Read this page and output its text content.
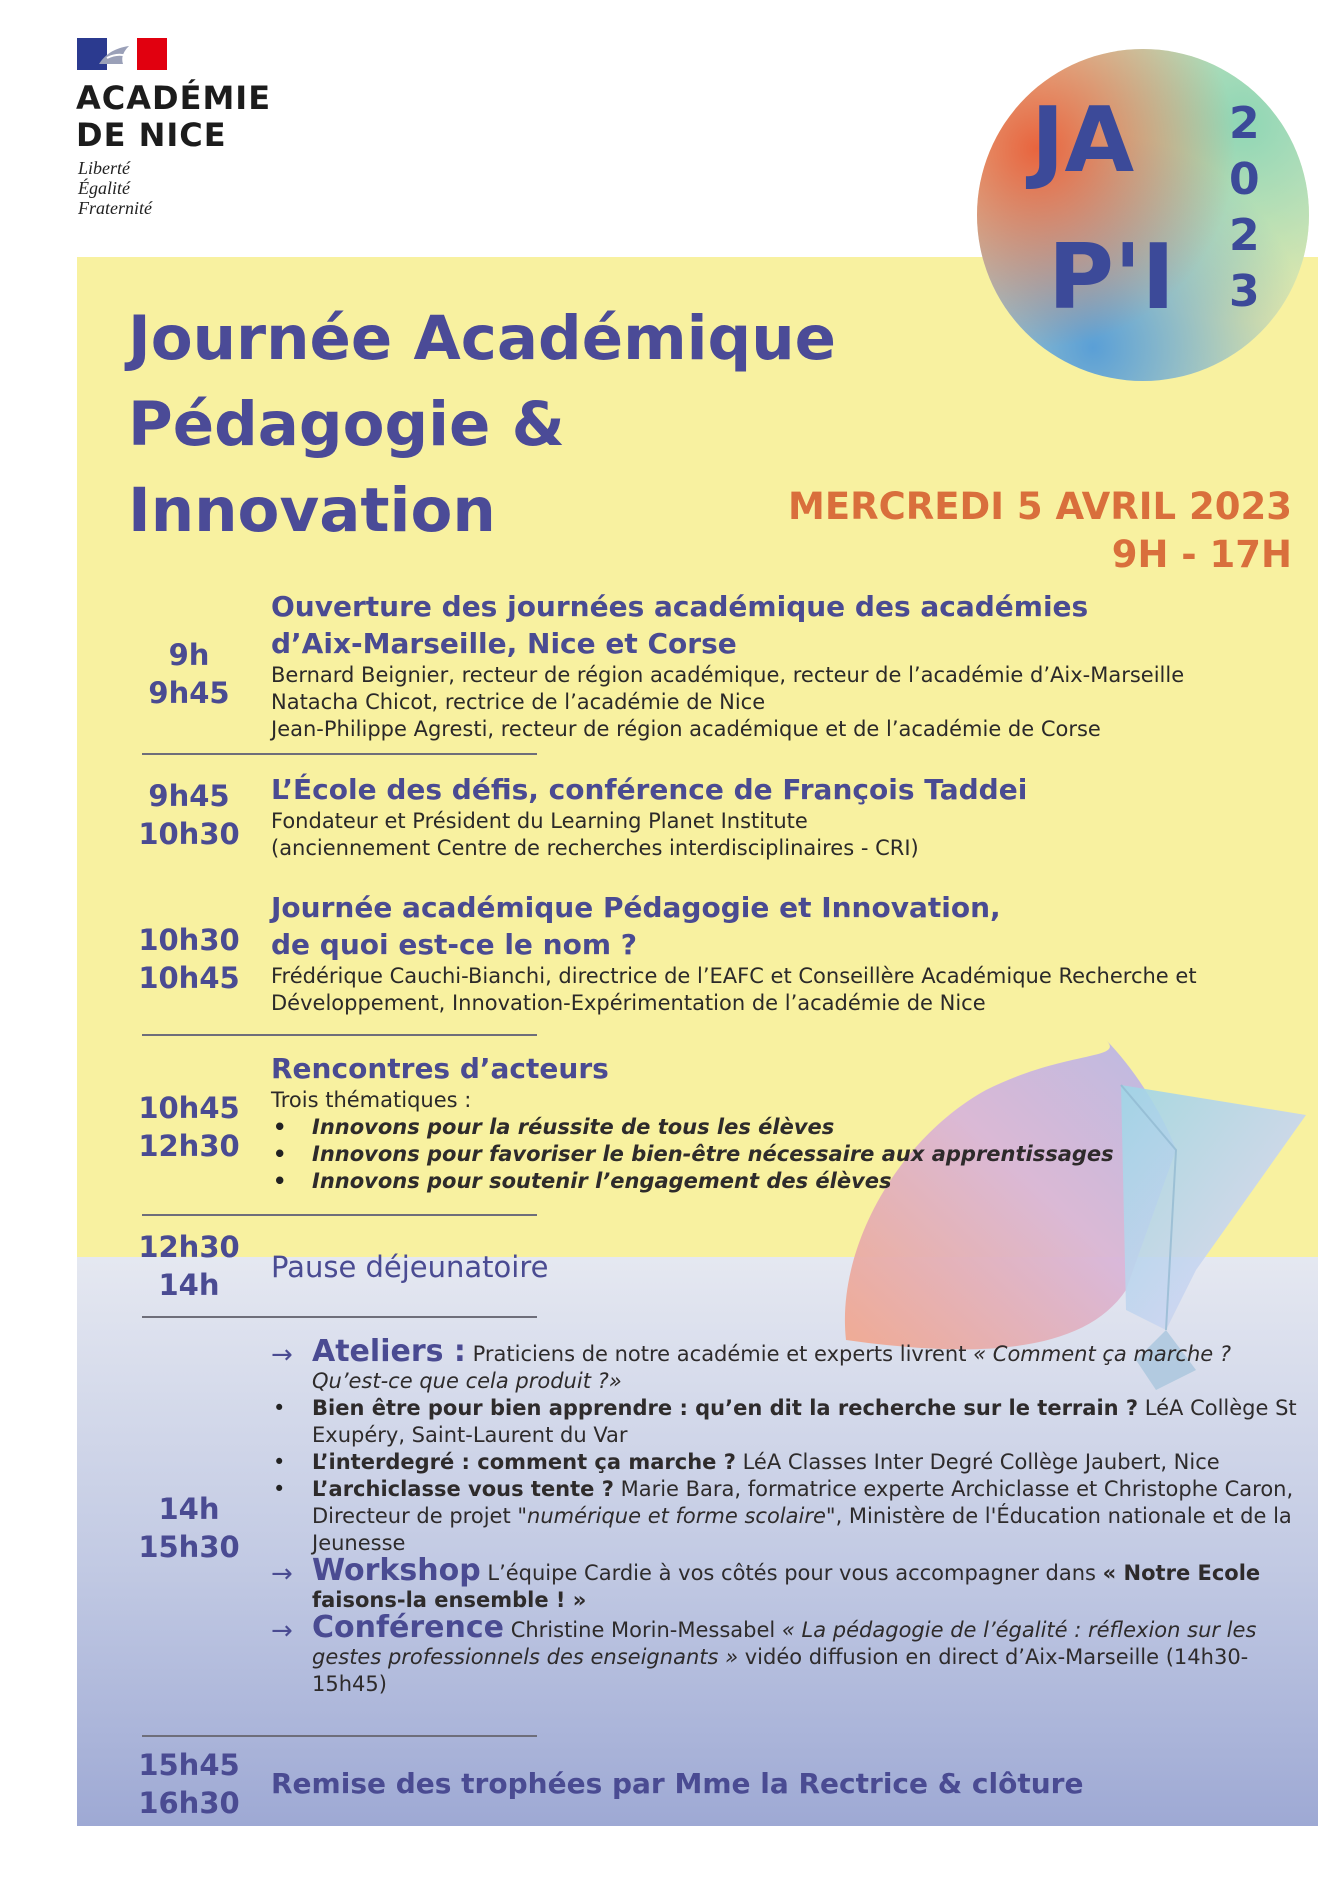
ACADÉMIE
DE NICE
Liberté
Égalité
Fraternité
JA
P'I
2
0
2
3
Journée Académique
Pédagogie &
Innovation	MERCREDI 5 AVRIL 2023
9H - 17H
9h
9h45
Ouverture des journées académique des académies
d’Aix-Marseille, Nice et Corse
Bernard Beignier, recteur de région académique, recteur de l’académie d’Aix-Marseille
Natacha Chicot, rectrice de l’académie de Nice
Jean-Philippe Agresti, recteur de région académique et de l’académie de Corse
9h45
10h30
L’École des défis, conférence de François Taddei
Fondateur et Président du Learning Planet Institute
(anciennement Centre de recherches interdisciplinaires - CRI)
10h30
10h45
Journée académique Pédagogie et Innovation,
de quoi est-ce le nom ?
Frédérique Cauchi-Bianchi, directrice de l’EAFC et Conseillère Académique Recherche et
Développement, Innovation-Expérimentation de l’académie de Nice
10h45
12h30
Rencontres d’acteurs
Trois thématiques :
• Innovons pour la réussite de tous les élèves
• Innovons pour favoriser le bien-être nécessaire aux apprentissages
• Innovons pour soutenir l’engagement des élèves
12h30
14h
Pause déjeunatoire
14h
15h30
→ Ateliers : Praticiens de notre académie et experts livrent « Comment ça marche ? Qu’est-ce que cela produit ?»
• Bien être pour bien apprendre : qu’en dit la recherche sur le terrain ? LéA Collège St Exupéry, Saint-Laurent du Var
• L’interdegré : comment ça marche ? LéA Classes Inter Degré Collège Jaubert, Nice
• L’archiclasse vous tente ? Marie Bara, formatrice experte Archiclasse et Christophe Caron, Directeur de projet "numérique et forme scolaire", Ministère de l'Éducation nationale et de la Jeunesse
→ Workshop L’équipe Cardie à vos côtés pour vous accompagner dans « Notre Ecole faisons-la ensemble ! »
→ Conférence Christine Morin-Messabel « La pédagogie de l’égalité : réflexion sur les gestes professionnels des enseignants » vidéo diffusion en direct d’Aix-Marseille (14h30-15h45)
15h45
16h30
Remise des trophées par Mme la Rectrice & clôture
